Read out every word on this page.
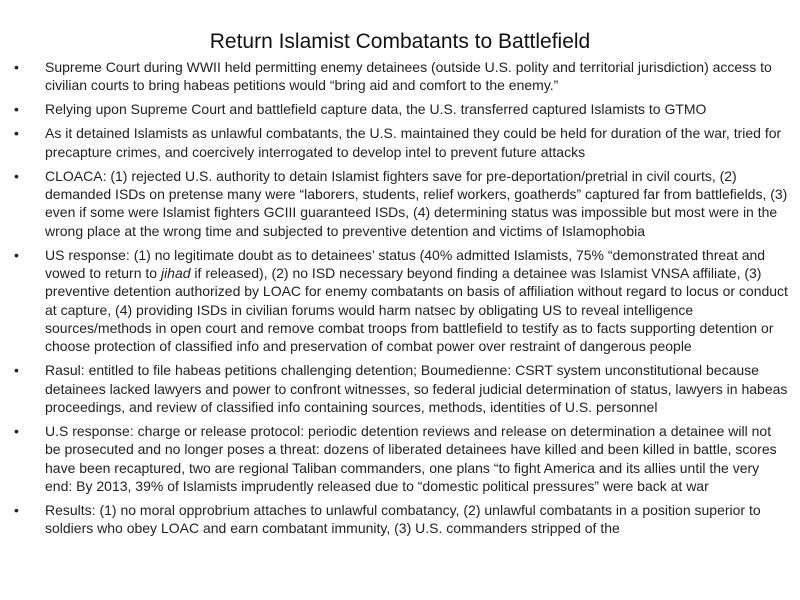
Return Islamist Combatants to Battlefield
• Supreme Court during WWII held permitting enemy detainees (outside U.S. polity and territorial jurisdiction) access to civilian courts to bring habeas petitions would “bring aid and comfort to the enemy.”
• Relying upon Supreme Court and battlefield capture data, the U.S. transferred captured Islamists to GTMO
• As it detained Islamists as unlawful combatants, the U.S. maintained they could be held for duration of the war, tried for precapture crimes, and coercively interrogated to develop intel to prevent future attacks
• CLOACA: (1) rejected U.S. authority to detain Islamist fighters save for pre-deportation/pretrial in civil courts, (2) demanded ISDs on pretense many were “laborers, students, relief workers, goatherds” captured far from battlefields, (3) even if some were Islamist fighters GCIII guaranteed ISDs, (4) determining status was impossible but most were in the wrong place at the wrong time and subjected to preventive detention and victims of Islamophobia
• US response: (1) no legitimate doubt as to detainees’ status (40% admitted Islamists, 75% “demonstrated threat and vowed to return to jihad if released), (2) no ISD necessary beyond finding a detainee was Islamist VNSA affiliate, (3) preventive detention authorized by LOAC for enemy combatants on basis of affiliation without regard to locus or conduct at capture, (4) providing ISDs in civilian forums would harm natsec by obligating US to reveal intelligence sources/methods in open court and remove combat troops from battlefield to testify as to facts supporting detention or choose protection of classified info and preservation of combat power over restraint of dangerous people
• Rasul: entitled to file habeas petitions challenging detention; Boumedienne: CSRT system unconstitutional because detainees lacked lawyers and power to confront witnesses, so federal judicial determination of status, lawyers in habeas proceedings, and review of classified info containing sources, methods, identities of U.S. personnel
• U.S response: charge or release protocol: periodic detention reviews and release on determination a detainee will not be prosecuted and no longer poses a threat: dozens of liberated detainees have killed and been killed in battle, scores have been recaptured, two are regional Taliban commanders, one plans “to fight America and its allies until the very end: By 2013, 39% of Islamists imprudently released due to “domestic political pressures” were back at war
• Results: (1) no moral opprobrium attaches to unlawful combatancy, (2) unlawful combatants in a position superior to soldiers who obey LOAC and earn combatant immunity, (3) U.S. commanders stripped of the
